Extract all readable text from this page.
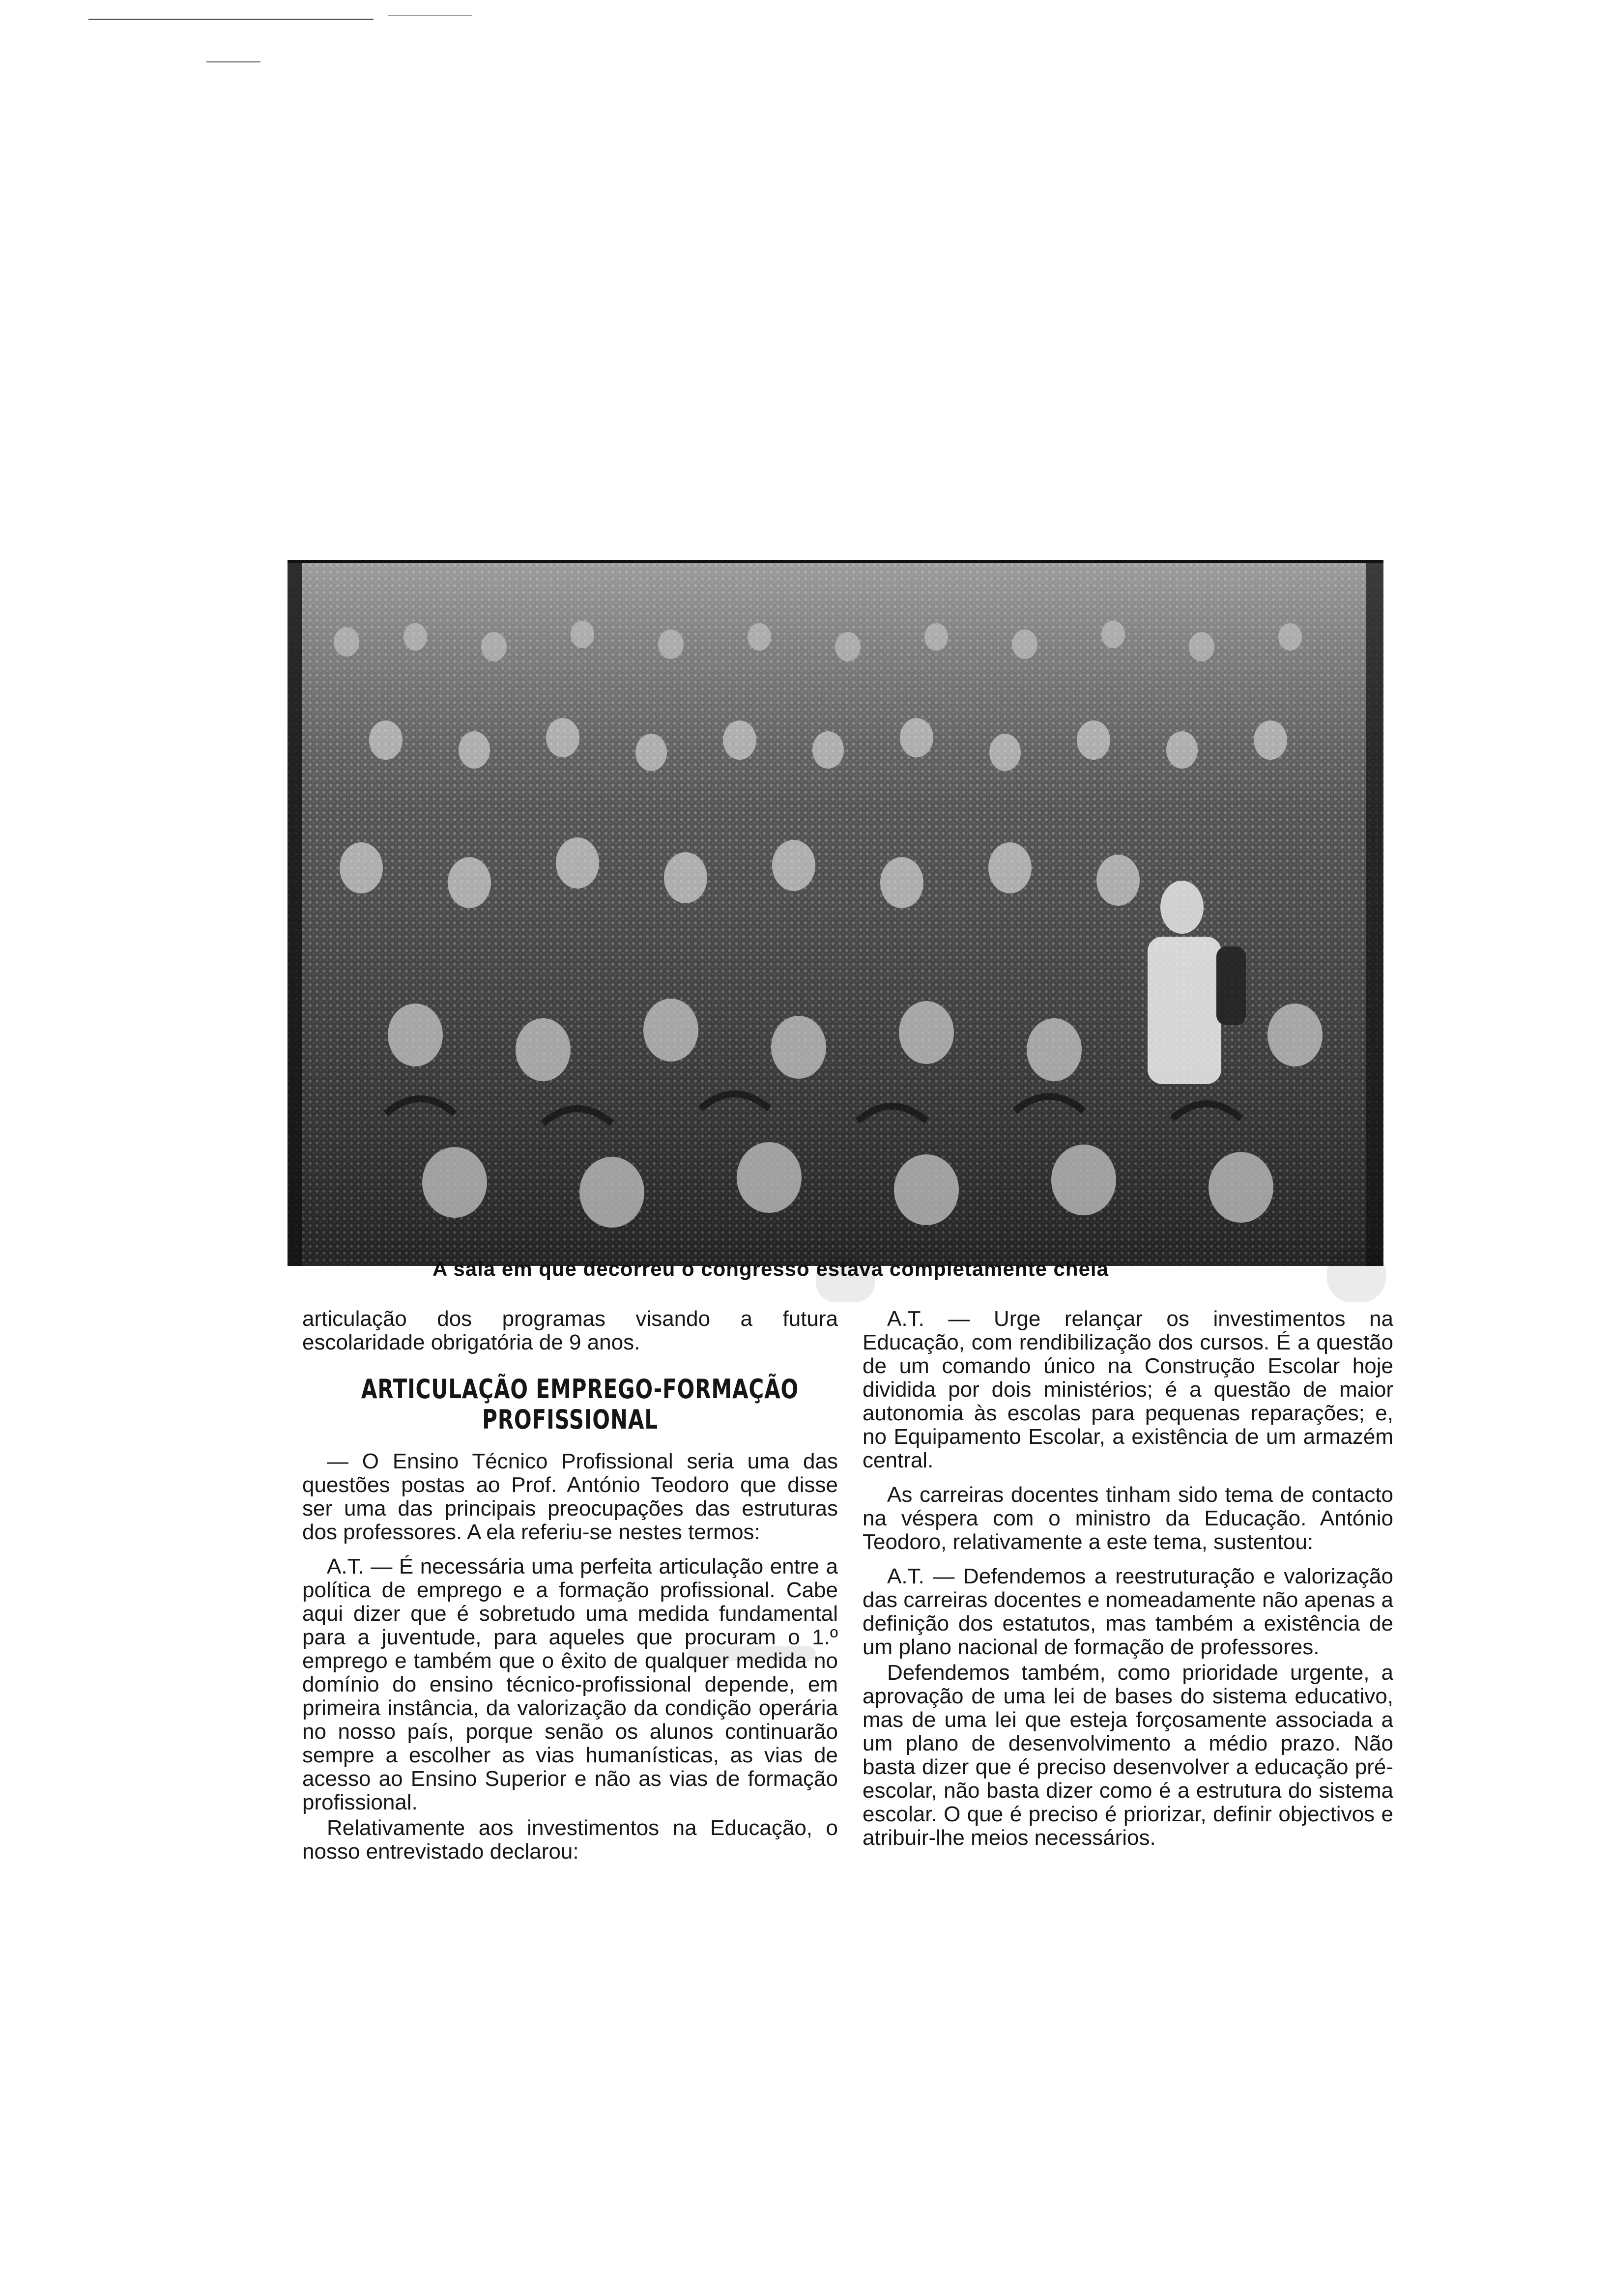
A sala em que decorreu o congresso estava completamente cheia

articulação dos programas visando a futura escolaridade obrigatória de 9 anos.

ARTICULAÇÃO EMPREGO-FORMAÇÃO
PROFISSIONAL

— O Ensino Técnico Profissional seria uma das questões postas ao Prof. António Teodoro que disse ser uma das principais preocupações das estruturas dos professores. A ela referiu-se nestes termos:

A.T. — É necessária uma perfeita articulação entre a política de emprego e a formação profissional. Cabe aqui dizer que é sobretudo uma medida fundamental para a juventude, para aqueles que procuram o 1.º emprego e também que o êxito de qualquer medida no domínio do ensino técnico-profissional depende, em primeira instância, da valorização da condição operária no nosso país, porque senão os alunos continuarão sempre a escolher as vias humanísticas, as vias de acesso ao Ensino Superior e não as vias de formação profissional.

Relativamente aos investimentos na Educação, o nosso entrevistado declarou:

A.T. — Urge relançar os investimentos na Educação, com rendibilização dos cursos. É a questão de um comando único na Construção Escolar hoje dividida por dois ministérios; é a questão de maior autonomia às escolas para pequenas reparações; e, no Equipamento Escolar, a existência de um armazém central.

As carreiras docentes tinham sido tema de contacto na véspera com o ministro da Educação. António Teodoro, relativamente a este tema, sustentou:

A.T. — Defendemos a reestruturação e valorização das carreiras docentes e nomeadamente não apenas a definição dos estatutos, mas também a existência de um plano nacional de formação de professores.

Defendemos também, como prioridade urgente, a aprovação de uma lei de bases do sistema educativo, mas de uma lei que esteja forçosamente associada a um plano de desenvolvimento a médio prazo. Não basta dizer que é preciso desenvolver a educação pré-escolar, não basta dizer como é a estrutura do sistema escolar. O que é preciso é priorizar, definir objectivos e atribuir-lhe meios necessários.
